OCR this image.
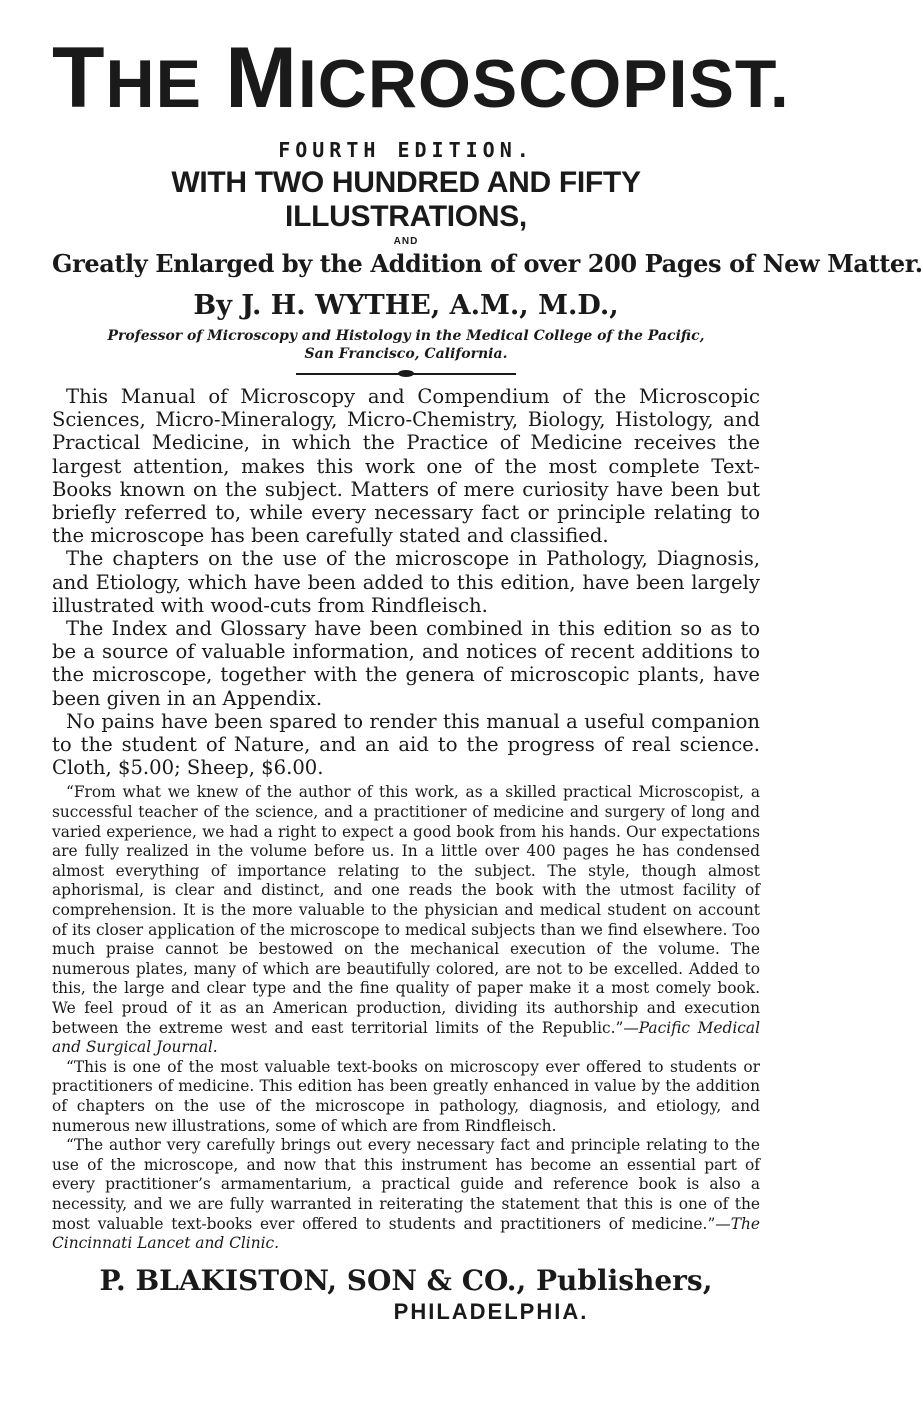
THE MICROSCOPIST.
FOURTH EDITION.
WITH TWO HUNDRED AND FIFTY ILLUSTRATIONS,
AND
Greatly Enlarged by the Addition of over 200 Pages of New Matter.
By J. H. WYTHE, A.M., M.D.,
Professor of Microscopy and Histology in the Medical College of the Pacific,
San Francisco, California.

This Manual of Microscopy and Compendium of the Microscopic Sciences, Micro-Mineralogy, Micro-Chemistry, Biology, Histology, and Practical Medicine, in which the Practice of Medicine receives the largest attention, makes this work one of the most complete Text-Books known on the subject. Matters of mere curiosity have been but briefly referred to, while every necessary fact or principle relating to the microscope has been carefully stated and classified.

The chapters on the use of the microscope in Pathology, Diagnosis, and Etiology, which have been added to this edition, have been largely illustrated with wood-cuts from Rindfleisch.

The Index and Glossary have been combined in this edition so as to be a source of valuable information, and notices of recent additions to the microscope, together with the genera of microscopic plants, have been given in an Appendix.

No pains have been spared to render this manual a useful companion to the student of Nature, and an aid to the progress of real science. Cloth, $5.00; Sheep, $6.00.

“From what we knew of the author of this work, as a skilled practical Microscopist, a successful teacher of the science, and a practitioner of medicine and surgery of long and varied experience, we had a right to expect a good book from his hands. Our expectations are fully realized in the volume before us. In a little over 400 pages he has condensed almost everything of importance relating to the subject. The style, though almost aphorismal, is clear and distinct, and one reads the book with the utmost facility of comprehension. It is the more valuable to the physician and medical student on account of its closer application of the microscope to medical subjects than we find elsewhere. Too much praise cannot be bestowed on the mechanical execution of the volume. The numerous plates, many of which are beautifully colored, are not to be excelled. Added to this, the large and clear type and the fine quality of paper make it a most comely book. We feel proud of it as an American production, dividing its authorship and execution between the extreme west and east territorial limits of the Republic.”—Pacific Medical and Surgical Journal.

“This is one of the most valuable text-books on microscopy ever offered to students or practitioners of medicine. This edition has been greatly enhanced in value by the addition of chapters on the use of the microscope in pathology, diagnosis, and etiology, and numerous new illustrations, some of which are from Rindfleisch.

“The author very carefully brings out every necessary fact and principle relating to the use of the microscope, and now that this instrument has become an essential part of every practitioner’s armamentarium, a practical guide and reference book is also a necessity, and we are fully warranted in reiterating the statement that this is one of the most valuable text-books ever offered to students and practitioners of medicine.”—The Cincinnati Lancet and Clinic.

P. BLAKISTON, SON & CO., Publishers,
PHILADELPHIA.
